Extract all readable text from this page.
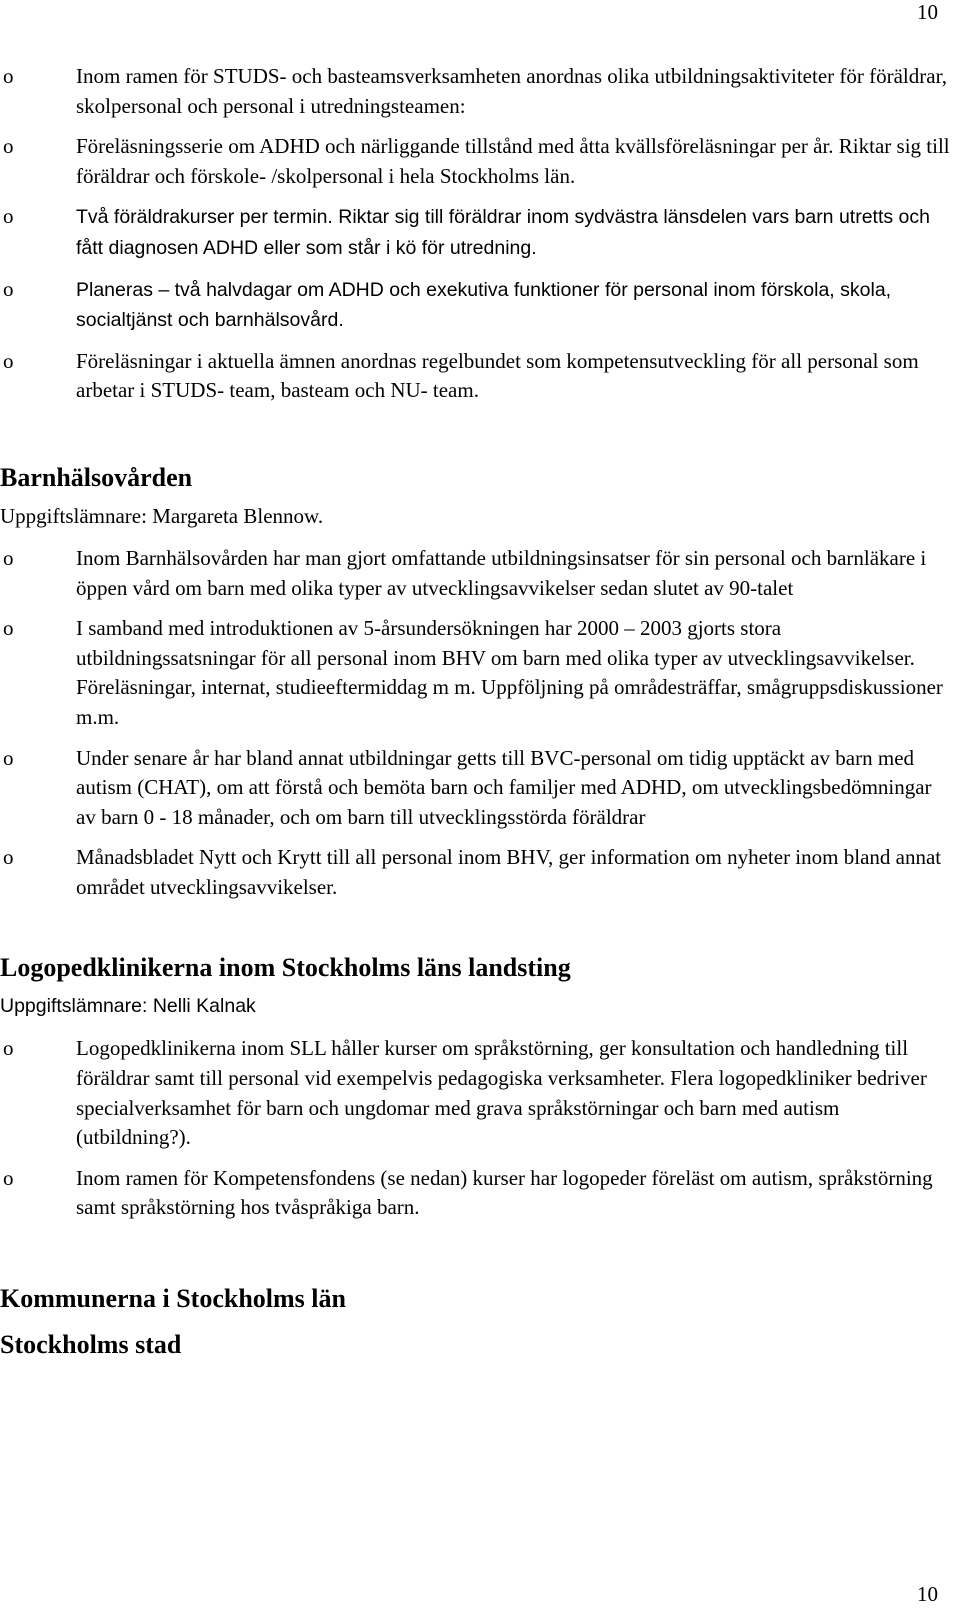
10
o	Inom ramen för STUDS- och basteamsverksamheten anordnas olika utbildningsaktiviteter för föräldrar, skolpersonal och personal i utredningsteamen:
o	Föreläsningsserie om ADHD och närliggande tillstånd med åtta kvällsföreläsningar per år. Riktar sig till föräldrar och förskole- /skolpersonal i hela Stockholms län.
o	Två föräldrakurser per termin. Riktar sig till föräldrar inom sydvästra länsdelen vars barn utretts och fått diagnosen ADHD eller som står i kö för utredning.
o	Planeras – två halvdagar om ADHD och exekutiva funktioner för personal inom förskola, skola, socialtjänst och barnhälsovård.
o	Föreläsningar i aktuella ämnen anordnas regelbundet som kompetensutveckling för all personal som arbetar i STUDS- team, basteam och NU- team.
Barnhälsovården
Uppgiftslämnare: Margareta Blennow.
o	Inom Barnhälsovården har man gjort omfattande utbildningsinsatser för sin personal och barnläkare i öppen vård om barn med olika typer av utvecklingsavvikelser sedan slutet av 90-talet
o	I samband med introduktionen av 5-årsundersökningen har 2000 – 2003 gjorts stora utbildningssatsningar för all personal inom BHV om barn med olika typer av utvecklingsavvikelser. Föreläsningar, internat, studieeftermiddag m m. Uppföljning på områdesträffar, smågruppsdiskussioner m.m.
o	Under senare år har bland annat utbildningar getts till BVC-personal om tidig upptäckt av barn med autism (CHAT), om att förstå och bemöta barn och familjer med ADHD, om utvecklingsbedömningar av barn 0 - 18 månader, och om barn till utvecklingsstörda föräldrar
o	Månadsbladet Nytt och Krytt till all personal inom BHV, ger information om nyheter inom bland annat området utvecklingsavvikelser.
Logopedklinikerna inom Stockholms läns landsting
Uppgiftslämnare: Nelli Kalnak
o	Logopedklinikerna inom SLL håller kurser om språkstörning, ger konsultation och handledning till föräldrar samt till personal vid exempelvis pedagogiska verksamheter. Flera logopedkliniker bedriver specialverksamhet för barn och ungdomar med grava språkstörningar och barn med autism (utbildning?).
o	Inom ramen för Kompetensfondens (se nedan) kurser har logopeder föreläst om autism, språkstörning samt språkstörning hos tvåspråkiga barn.
Kommunerna i Stockholms län
Stockholms stad
10
